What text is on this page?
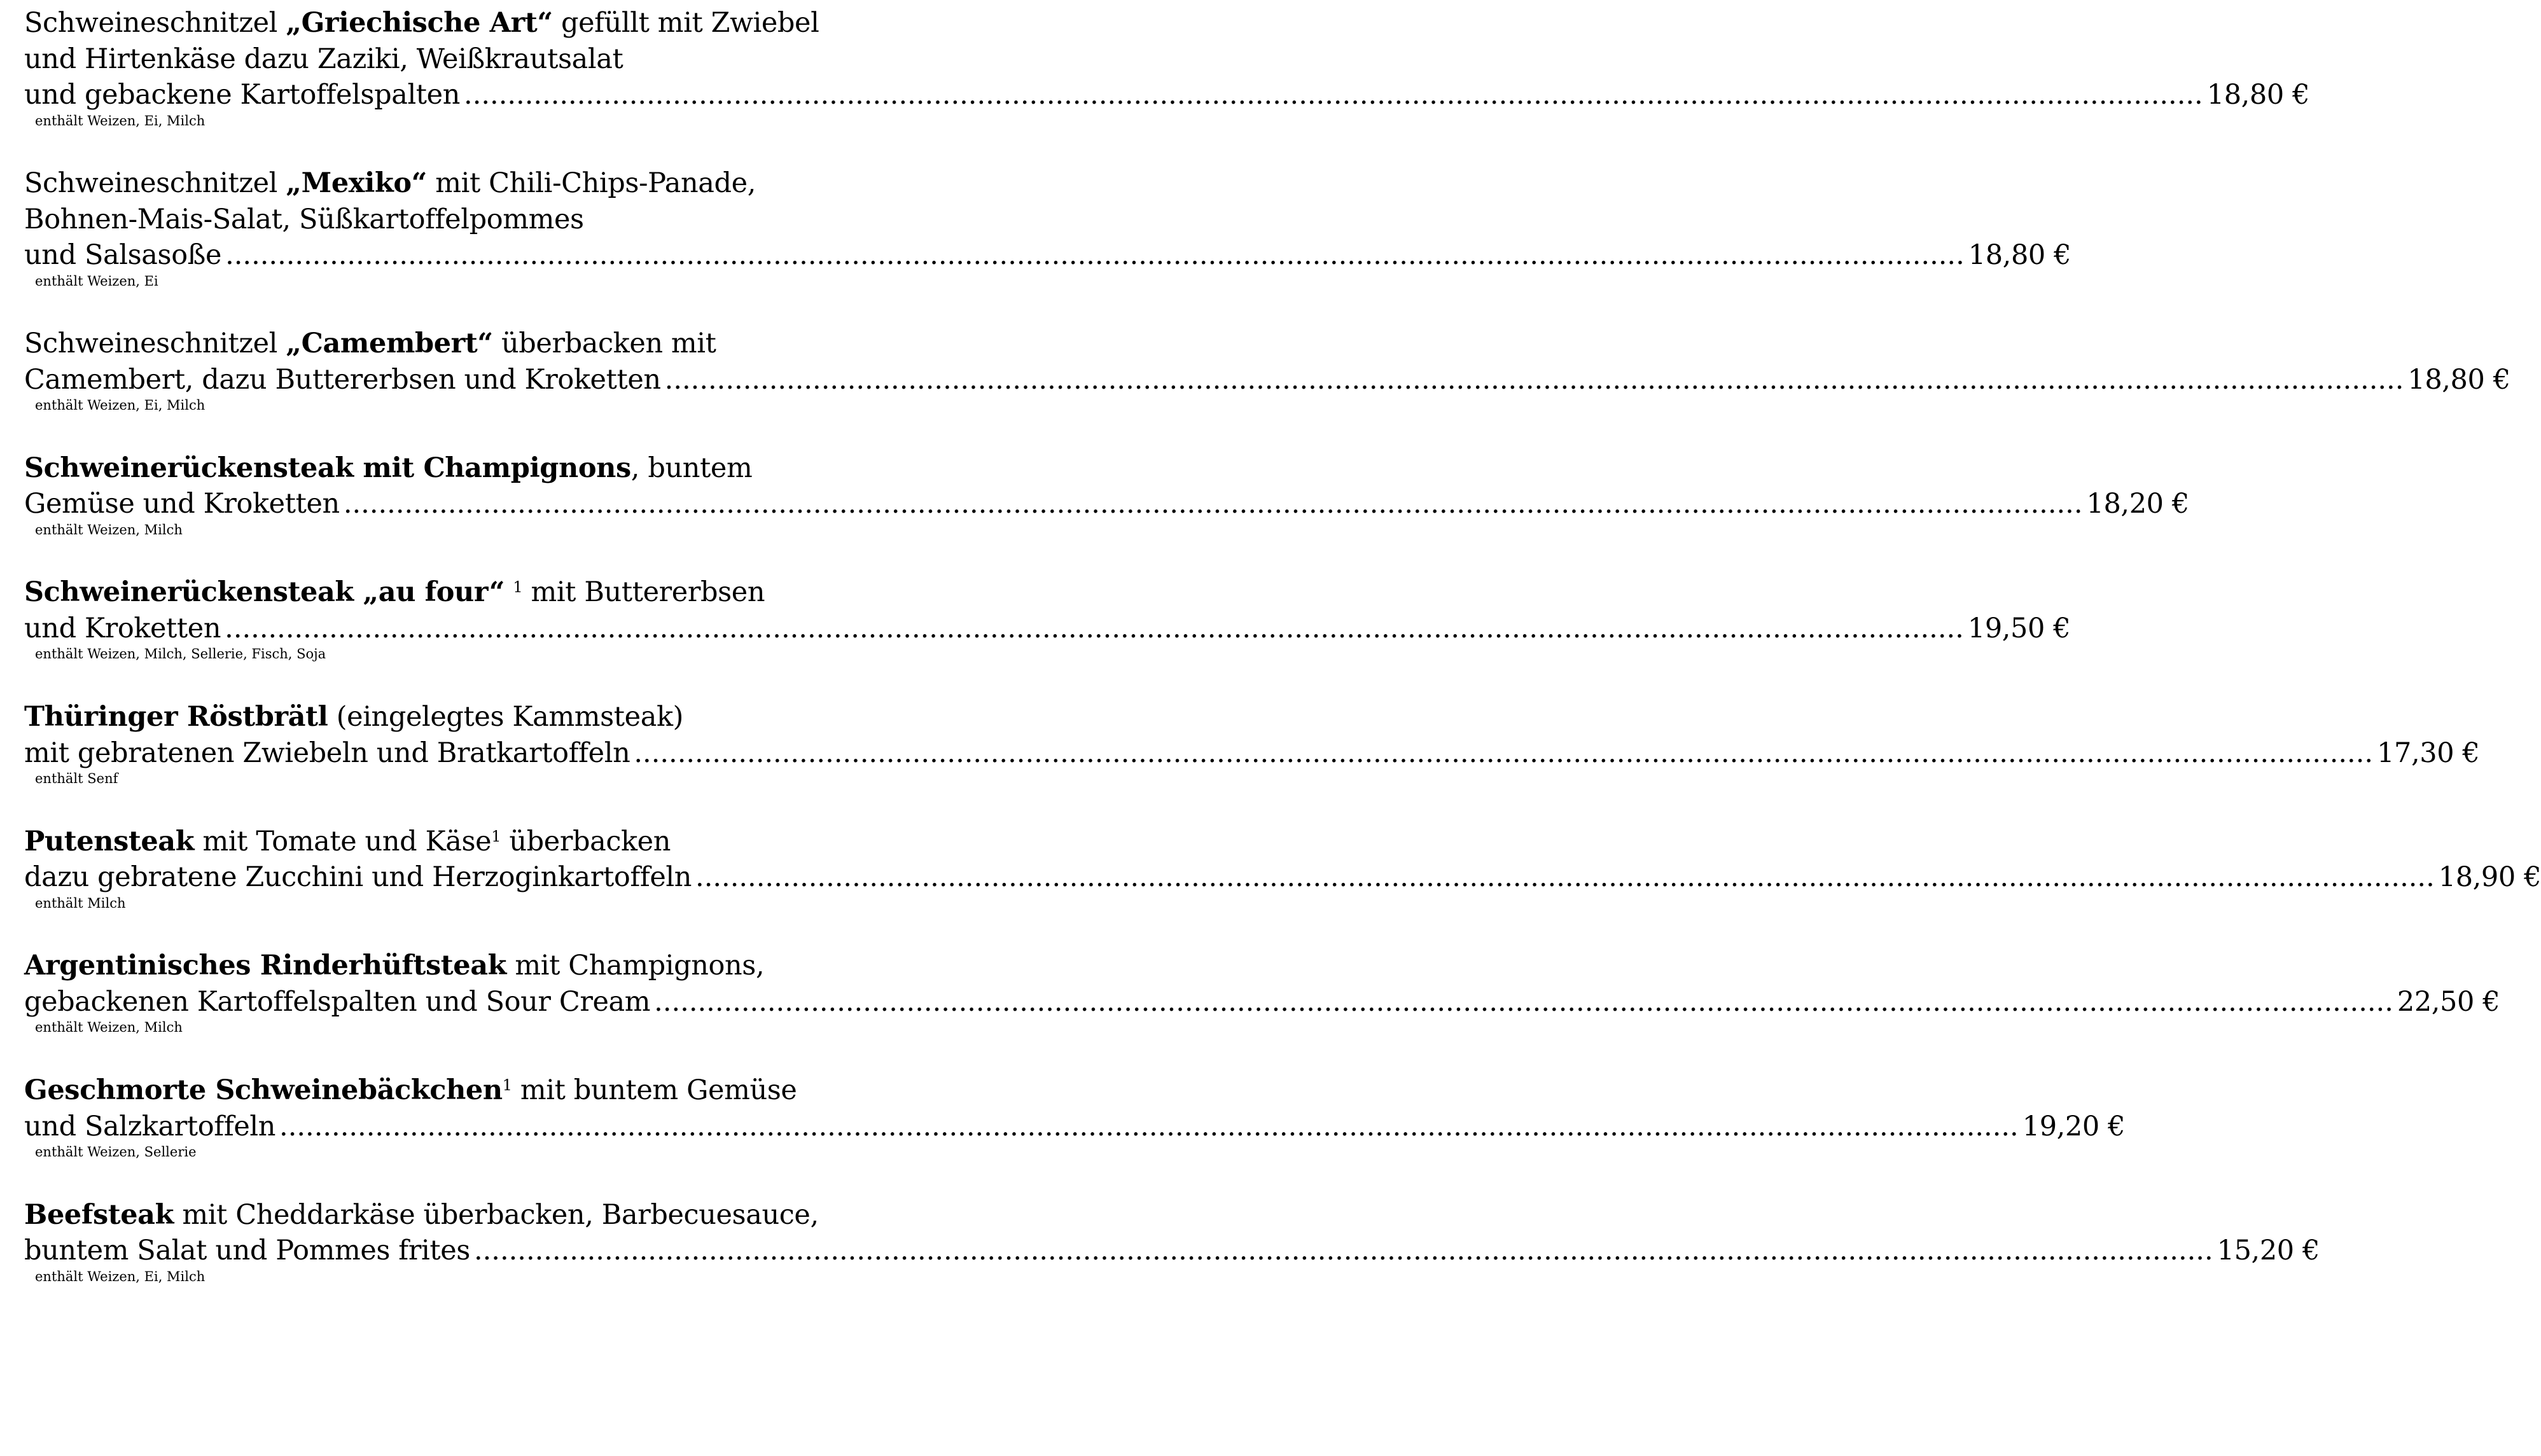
Schweineschnitzel „Griechische Art“ gefüllt mit Zwiebel
und Hirtenkäse dazu Zaziki, Weißkrautsalat
und gebackene Kartoffelspalten ........................................................................................................................................................................................................ 18,80 €
enthält Weizen, Ei, Milch
Schweineschnitzel „Mexiko“ mit Chili-Chips-Panade,
Bohnen-Mais-Salat, Süßkartoffelpommes
und Salsasoße ........................................................................................................................................................................................................ 18,80 €
enthält Weizen, Ei
Schweineschnitzel „Camembert“ überbacken mit
Camembert, dazu Buttererbsen und Kroketten ........................................................................................................................................................................................................ 18,80 €
enthält Weizen, Ei, Milch
Schweinerückensteak mit Champignons, buntem
Gemüse und Kroketten ........................................................................................................................................................................................................ 18,20 €
enthält Weizen, Milch
Schweinerückensteak „au four“ $^1$ mit Buttererbsen
und Kroketten ........................................................................................................................................................................................................ 19,50 €
enthält Weizen, Milch, Sellerie, Fisch, Soja
Thüringer Röstbrätl (eingelegtes Kammsteak)
mit gebratenen Zwiebeln und Bratkartoffeln ........................................................................................................................................................................................................ 17,30 €
enthält Senf
Putensteak mit Tomate und Käse$^1$ überbacken
dazu gebratene Zucchini und Herzoginkartoffeln ........................................................................................................................................................................................................ 18,90 €
enthält Milch
Argentinisches Rinderhüftsteak mit Champignons,
gebackenen Kartoffelspalten und Sour Cream ........................................................................................................................................................................................................ 22,50 €
enthält Weizen, Milch
Geschmorte Schweinebäckchen$^1$ mit buntem Gemüse
und Salzkartoffeln ........................................................................................................................................................................................................ 19,20 €
enthält Weizen, Sellerie
Beefsteak mit Cheddarkäse überbacken, Barbecuesauce,
buntem Salat und Pommes frites ........................................................................................................................................................................................................ 15,20 €
enthält Weizen, Ei, Milch
